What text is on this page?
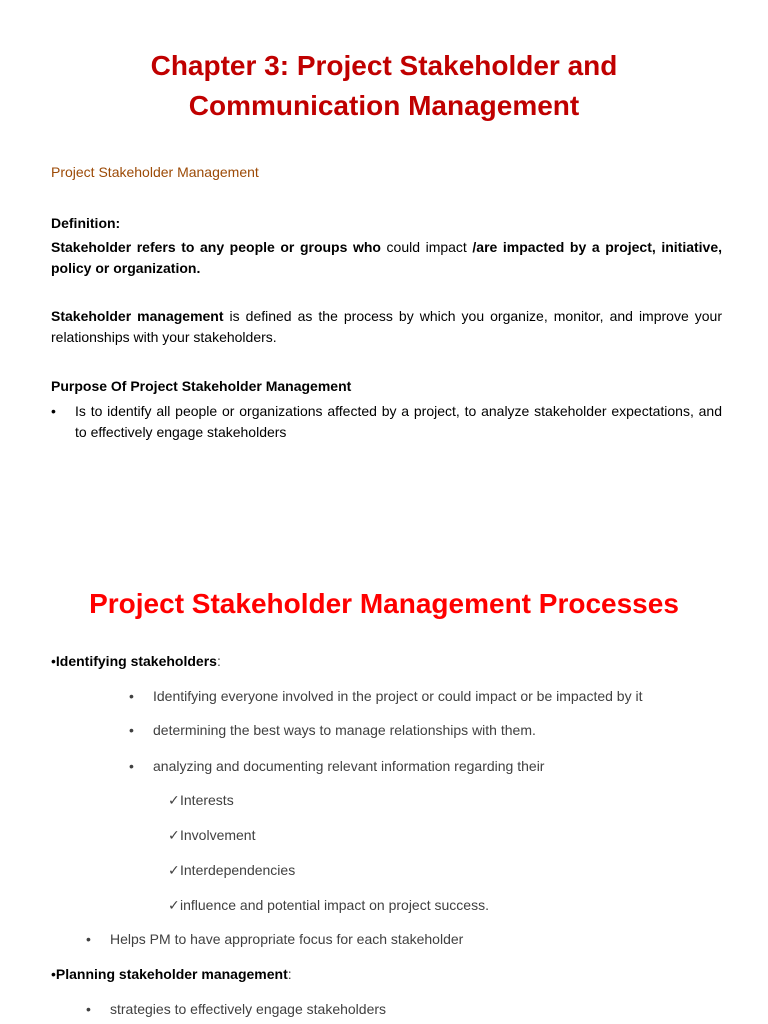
Chapter 3: Project Stakeholder and
Communication Management
Project Stakeholder Management
Definition:
Stakeholder refers to any people or groups who could impact /are impacted by a project, initiative, policy or organization.
Stakeholder management is defined as the process by which you organize, monitor, and improve your relationships with your stakeholders.
Purpose Of Project Stakeholder Management
• Is to identify all people or organizations affected by a project, to analyze stakeholder expectations, and to effectively engage stakeholders
Project Stakeholder Management Processes
•Identifying stakeholders:
• Identifying everyone involved in the project or could impact or be impacted by it
• determining the best ways to manage relationships with them.
• analyzing and documenting relevant information regarding their
✓Interests
✓Involvement
✓Interdependencies
✓influence and potential impact on project success.
• Helps PM to have appropriate focus for each stakeholder
•Planning stakeholder management:
• strategies to effectively engage stakeholders
